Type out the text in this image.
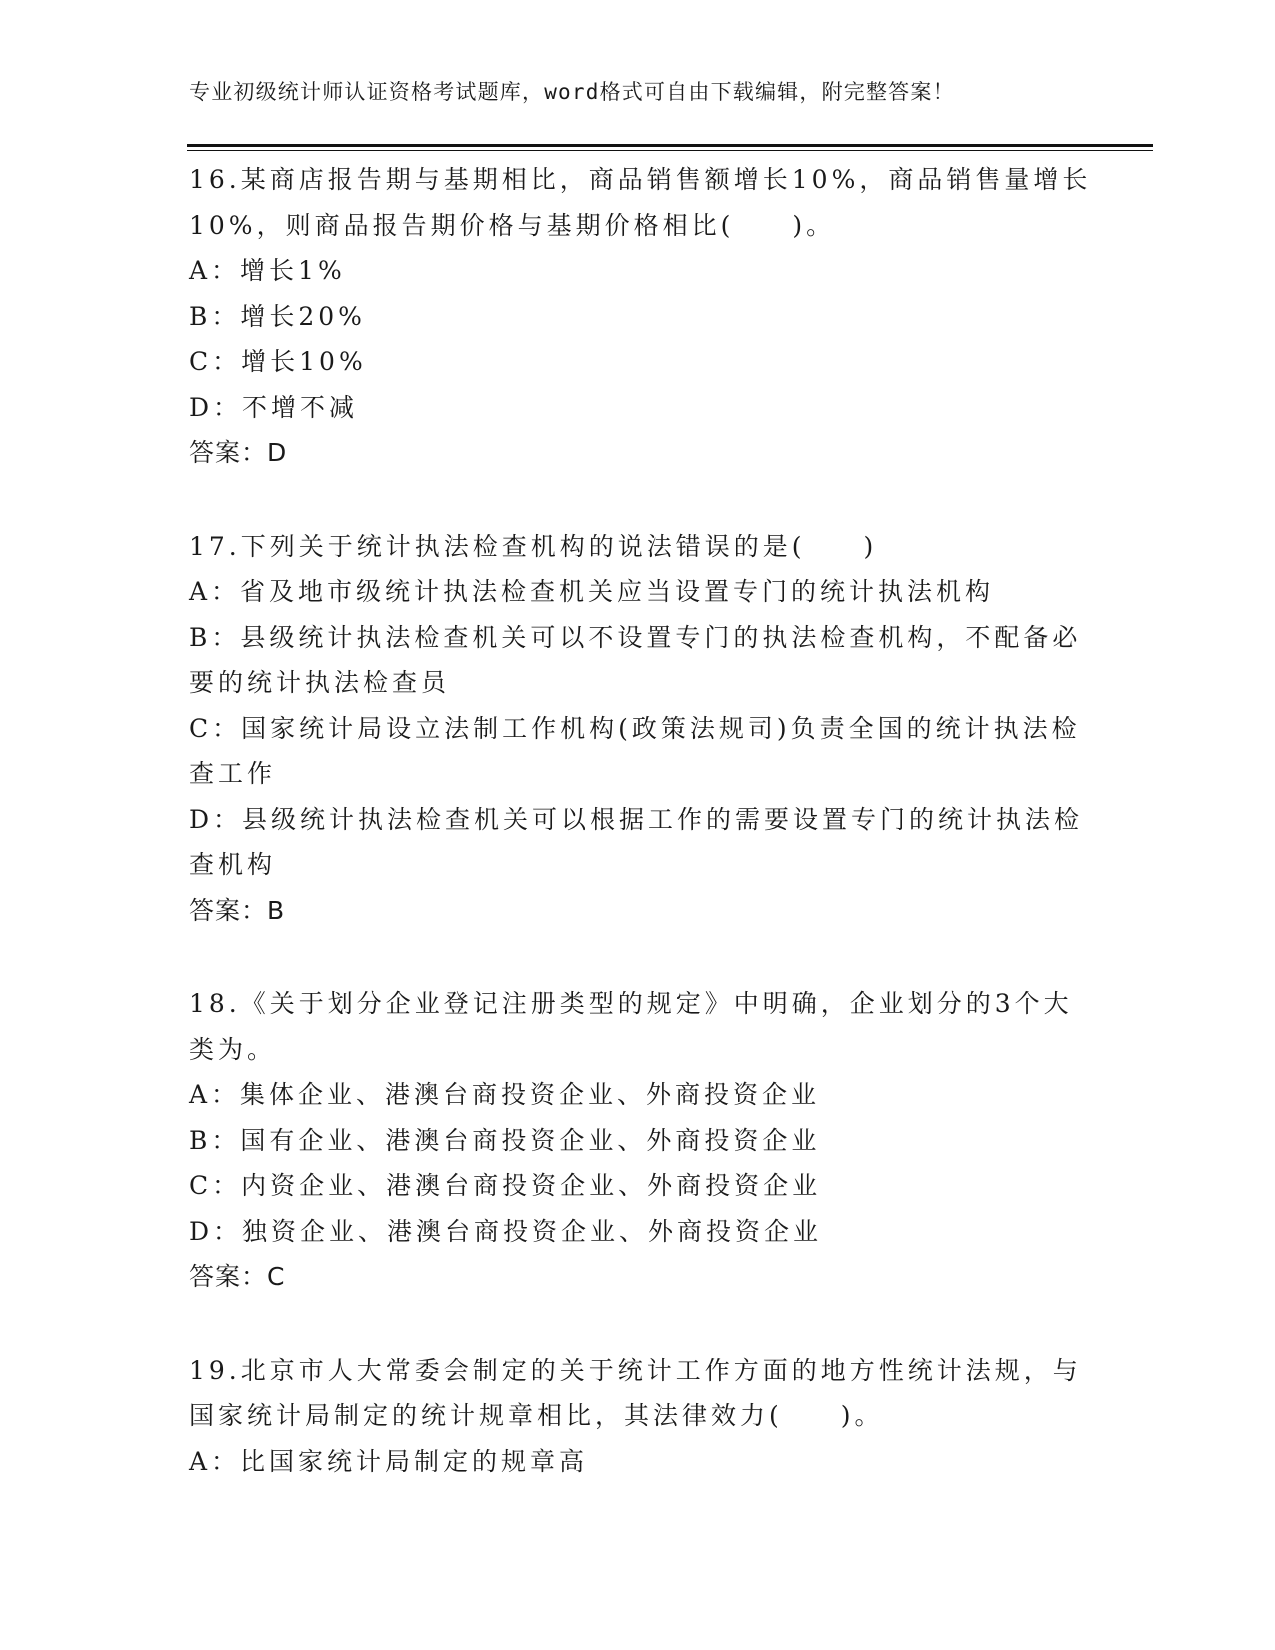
专业初级统计师认证资格考试题库，word格式可自由下载编辑，附完整答案！
16.某商店报告期与基期相比，商品销售额增长10%，商品销售量增长
10%，则商品报告期价格与基期价格相比(　　)。
A：增长1%
B：增长20%
C：增长10%
D：不增不减
答案：D
17.下列关于统计执法检查机构的说法错误的是(　　)
A：省及地市级统计执法检查机关应当设置专门的统计执法机构
B：县级统计执法检查机关可以不设置专门的执法检查机构，不配备必
要的统计执法检查员
C：国家统计局设立法制工作机构(政策法规司)负责全国的统计执法检
查工作
D：县级统计执法检查机关可以根据工作的需要设置专门的统计执法检
查机构
答案：B
18.《关于划分企业登记注册类型的规定》中明确，企业划分的3个大
类为。
A：集体企业、港澳台商投资企业、外商投资企业
B：国有企业、港澳台商投资企业、外商投资企业
C：内资企业、港澳台商投资企业、外商投资企业
D：独资企业、港澳台商投资企业、外商投资企业
答案：C
19.北京市人大常委会制定的关于统计工作方面的地方性统计法规，与
国家统计局制定的统计规章相比，其法律效力(　　)。
A：比国家统计局制定的规章高
